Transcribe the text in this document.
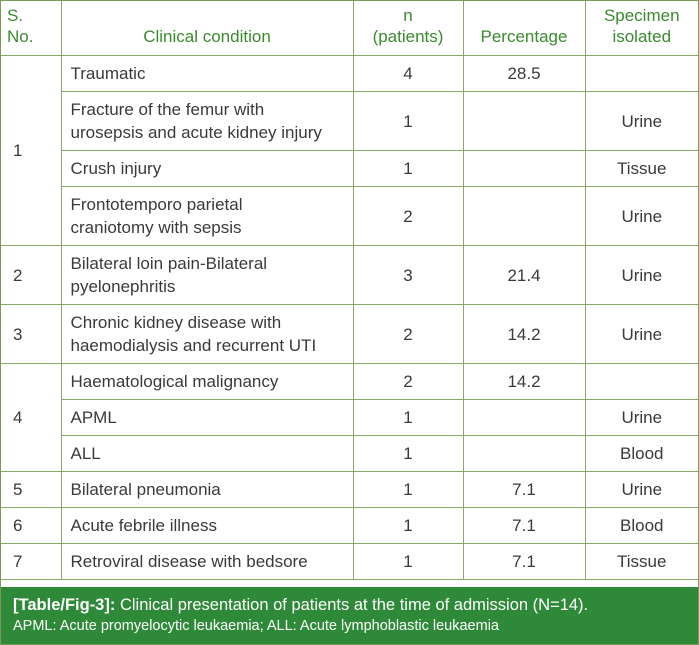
S.
No.	Clinical condition	n
(patients)	Percentage	Specimen
isolated
1	Traumatic	4	28.5	
	Fracture of the femur with
urosepsis and acute kidney injury	1		Urine
	Crush injury	1		Tissue
	Frontotemporo parietal
craniotomy with sepsis	2		Urine
2	Bilateral loin pain-Bilateral
pyelonephritis	3	21.4	Urine
3	Chronic kidney disease with
haemodialysis and recurrent UTI	2	14.2	Urine
4	Haematological malignancy	2	14.2	
	APML	1		Urine
	ALL	1		Blood
5	Bilateral pneumonia	1	7.1	Urine
6	Acute febrile illness	1	7.1	Blood
7	Retroviral disease with bedsore	1	7.1	Tissue
[Table/Fig-3]: Clinical presentation of patients at the time of admission (N=14).
APML: Acute promyelocytic leukaemia; ALL: Acute lymphoblastic leukaemia
